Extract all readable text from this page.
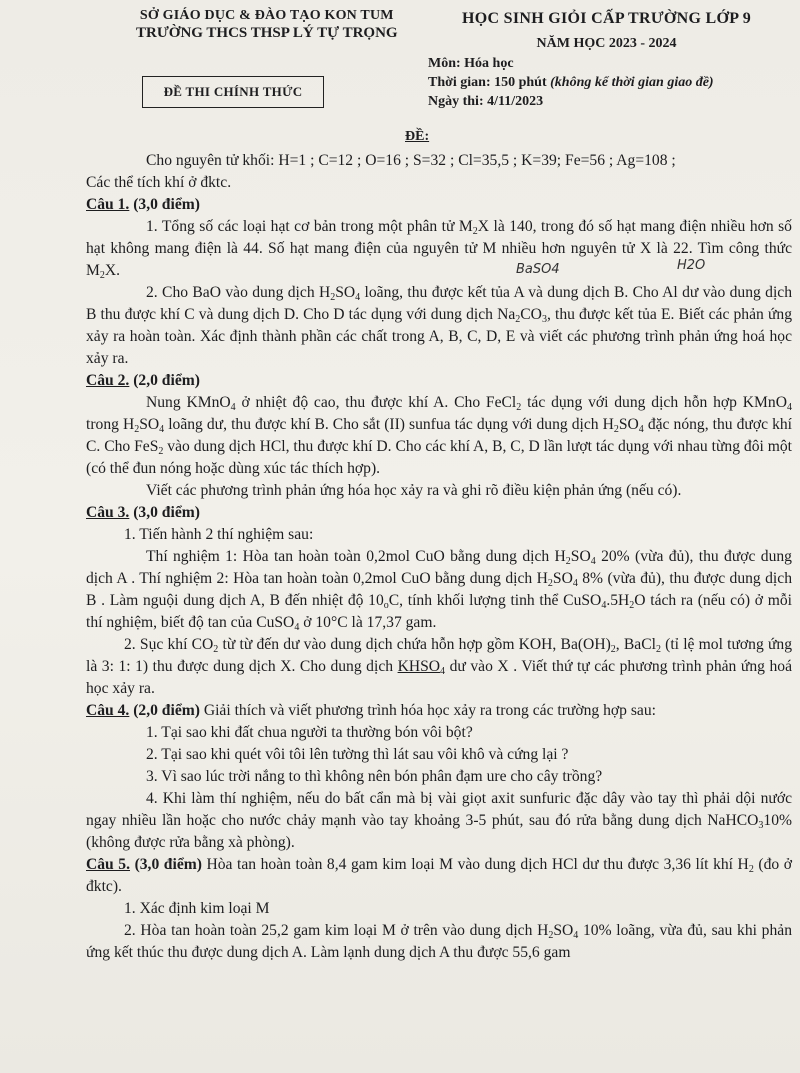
SỞ GIÁO DỤC & ĐÀO TẠO KON TUM
TRƯỜNG THCS THSP LÝ TỰ TRỌNG
HỌC SINH GIỎI CẤP TRƯỜNG LỚP 9
NĂM HỌC 2023 - 2024
ĐỀ THI CHÍNH THỨC
Môn: Hóa học
Thời gian: 150 phút (không kể thời gian giao đề)
Ngày thi: 4/11/2023
ĐỀ:
BaSO4	H2O

Cho nguyên tử khối: H=1 ; C=12 ; O=16 ; S=32 ; Cl=35,5 ; K=39; Fe=56 ; Ag=108 ;

Các thể tích khí ở đktc.

Câu 1. (3,0 điểm)

1. Tổng số các loại hạt cơ bản trong một phân tử $M_2X$ là 140, trong đó số hạt mang điện nhiều hơn số hạt không mang điện là 44. Số hạt mang điện của nguyên tử M nhiều hơn nguyên tử X là 22. Tìm công thức $M_2X$.

2. Cho BaO vào dung dịch $H_2SO_4$ loãng, thu được kết tủa A và dung dịch B. Cho Al dư vào dung dịch B thu được khí C và dung dịch D. Cho D tác dụng với dung dịch $Na_2CO_3$, thu được kết tủa E. Biết các phản ứng xảy ra hoàn toàn. Xác định thành phần các chất trong A, B, C, D, E và viết các phương trình phản ứng hoá học xảy ra.

Câu 2. (2,0 điểm)

Nung KMnO$_4$ ở nhiệt độ cao, thu được khí A. Cho FeCl$_2$ tác dụng với dung dịch hỗn hợp KMnO$_4$ trong $H_2SO_4$ loãng dư, thu được khí B. Cho sắt (II) sunfua tác dụng với dung dịch $H_2SO_4$ đặc nóng, thu được khí C. Cho FeS$_2$ vào dung dịch HCl, thu được khí D. Cho các khí A, B, C, D lần lượt tác dụng với nhau từng đôi một (có thể đun nóng hoặc dùng xúc tác thích hợp).

Viết các phương trình phản ứng hóa học xảy ra và ghi rõ điều kiện phản ứng (nếu có).

Câu 3. (3,0 điểm)

1. Tiến hành 2 thí nghiệm sau:

Thí nghiệm 1: Hòa tan hoàn toàn 0,2mol CuO bằng dung dịch $H_2SO_4$ 20% (vừa đủ), thu được dung dịch A . Thí nghiệm 2: Hòa tan hoàn toàn 0,2mol CuO bằng dung dịch $H_2SO_4$ 8% (vừa đủ), thu được dung dịch B . Làm nguội dung dịch A, B đến nhiệt độ $10_oC$, tính khối lượng tinh thể $CuSO_4.5H_2O$ tách ra (nếu có) ở mỗi thí nghiệm, biết độ tan của CuSO$_4$ ở 10°C là 17,37 gam.

2. Sục khí $CO_2$ từ từ đến dư vào dung dịch chứa hỗn hợp gồm KOH, $Ba(OH)_2$, BaCl$_2$ (tỉ lệ mol tương ứng là 3: 1: 1) thu được dung dịch X. Cho dung dịch $KHSO_4$ dư vào X . Viết thứ tự các phương trình phản ứng hoá học xảy ra.

Câu 4. (2,0 điểm) Giải thích và viết phương trình hóa học xảy ra trong các trường hợp sau:

1. Tại sao khi đất chua người ta thường bón vôi bột?

2. Tại sao khi quét vôi tôi lên tường thì lát sau vôi khô và cứng lại ?

3. Vì sao lúc trời nắng to thì không nên bón phân đạm ure cho cây trồng?

4. Khi làm thí nghiệm, nếu do bất cẩn mà bị vài giọt axit sunfuric đặc dây vào tay thì phải dội nước ngay nhiều lần hoặc cho nước chảy mạnh vào tay khoảng 3-5 phút, sau đó rửa bằng dung dịch NaHCO$_3$10% (không được rửa bằng xà phòng).

Câu 5. (3,0 điểm) Hòa tan hoàn toàn 8,4 gam kim loại M vào dung dịch HCl dư thu được 3,36 lít khí $H_2$ (đo ở đktc).

1. Xác định kim loại M

2. Hòa tan hoàn toàn 25,2 gam kim loại M ở trên vào dung dịch $H_2SO_4$ 10% loãng, vừa đủ, sau khi phản ứng kết thúc thu được dung dịch A. Làm lạnh dung dịch A thu được 55,6 gam
